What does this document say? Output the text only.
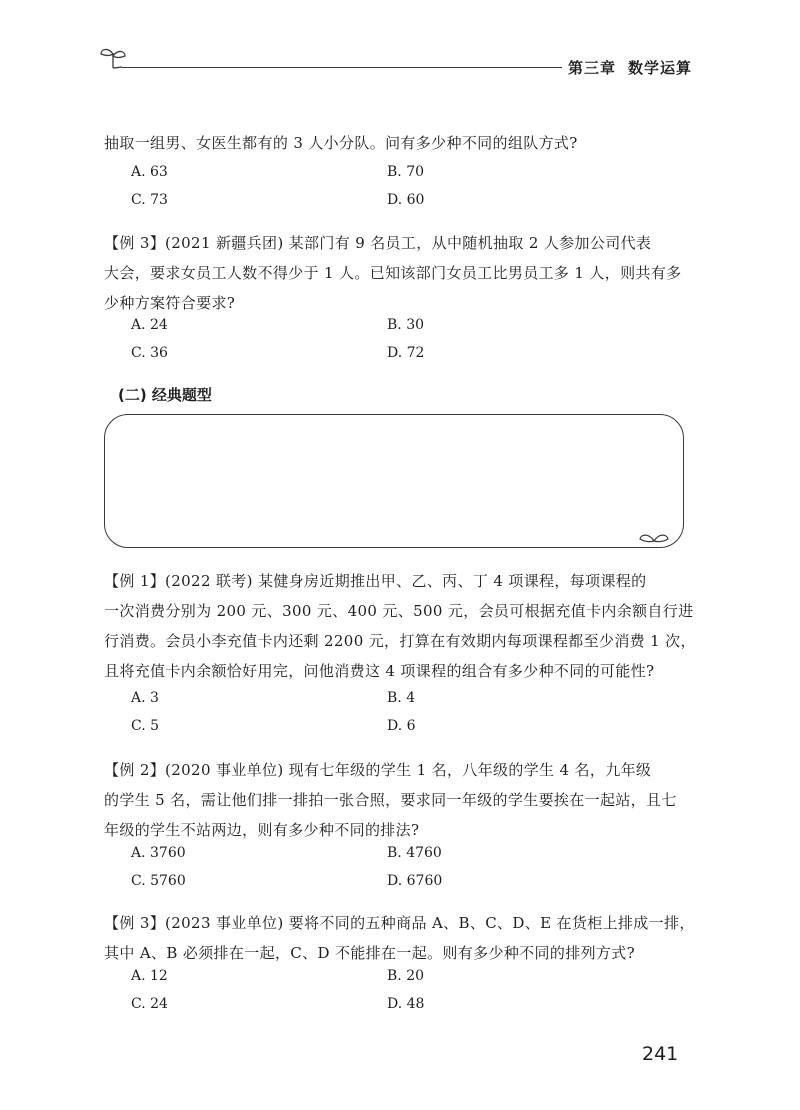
第三章 数学运算
抽取一组男、女医生都有的 3 人小分队。问有多少种不同的组队方式?
A. 63	B. 70
C. 73	D. 60
【例 3】(2021 新疆兵团) 某部门有 9 名员工，从中随机抽取 2 人参加公司代表
大会，要求女员工人数不得少于 1 人。已知该部门女员工比男员工多 1 人，则共有多
少种方案符合要求?
A. 24	B. 30
C. 36	D. 72
(二) 经典题型
【例 1】(2022 联考) 某健身房近期推出甲、乙、丙、丁 4 项课程，每项课程的
一次消费分别为 200 元、300 元、400 元、500 元，会员可根据充值卡内余额自行进
行消费。会员小李充值卡内还剩 2200 元，打算在有效期内每项课程都至少消费 1 次，
且将充值卡内余额恰好用完，问他消费这 4 项课程的组合有多少种不同的可能性?
A. 3	B. 4
C. 5	D. 6
【例 2】(2020 事业单位) 现有七年级的学生 1 名，八年级的学生 4 名，九年级
的学生 5 名，需让他们排一排拍一张合照，要求同一年级的学生要挨在一起站，且七
年级的学生不站两边，则有多少种不同的排法?
A. 3760	B. 4760
C. 5760	D. 6760
【例 3】(2023 事业单位) 要将不同的五种商品 A、B、C、D、E 在货柜上排成一排，
其中 A、B 必须排在一起，C、D 不能排在一起。则有多少种不同的排列方式?
A. 12	B. 20
C. 24	D. 48
241
